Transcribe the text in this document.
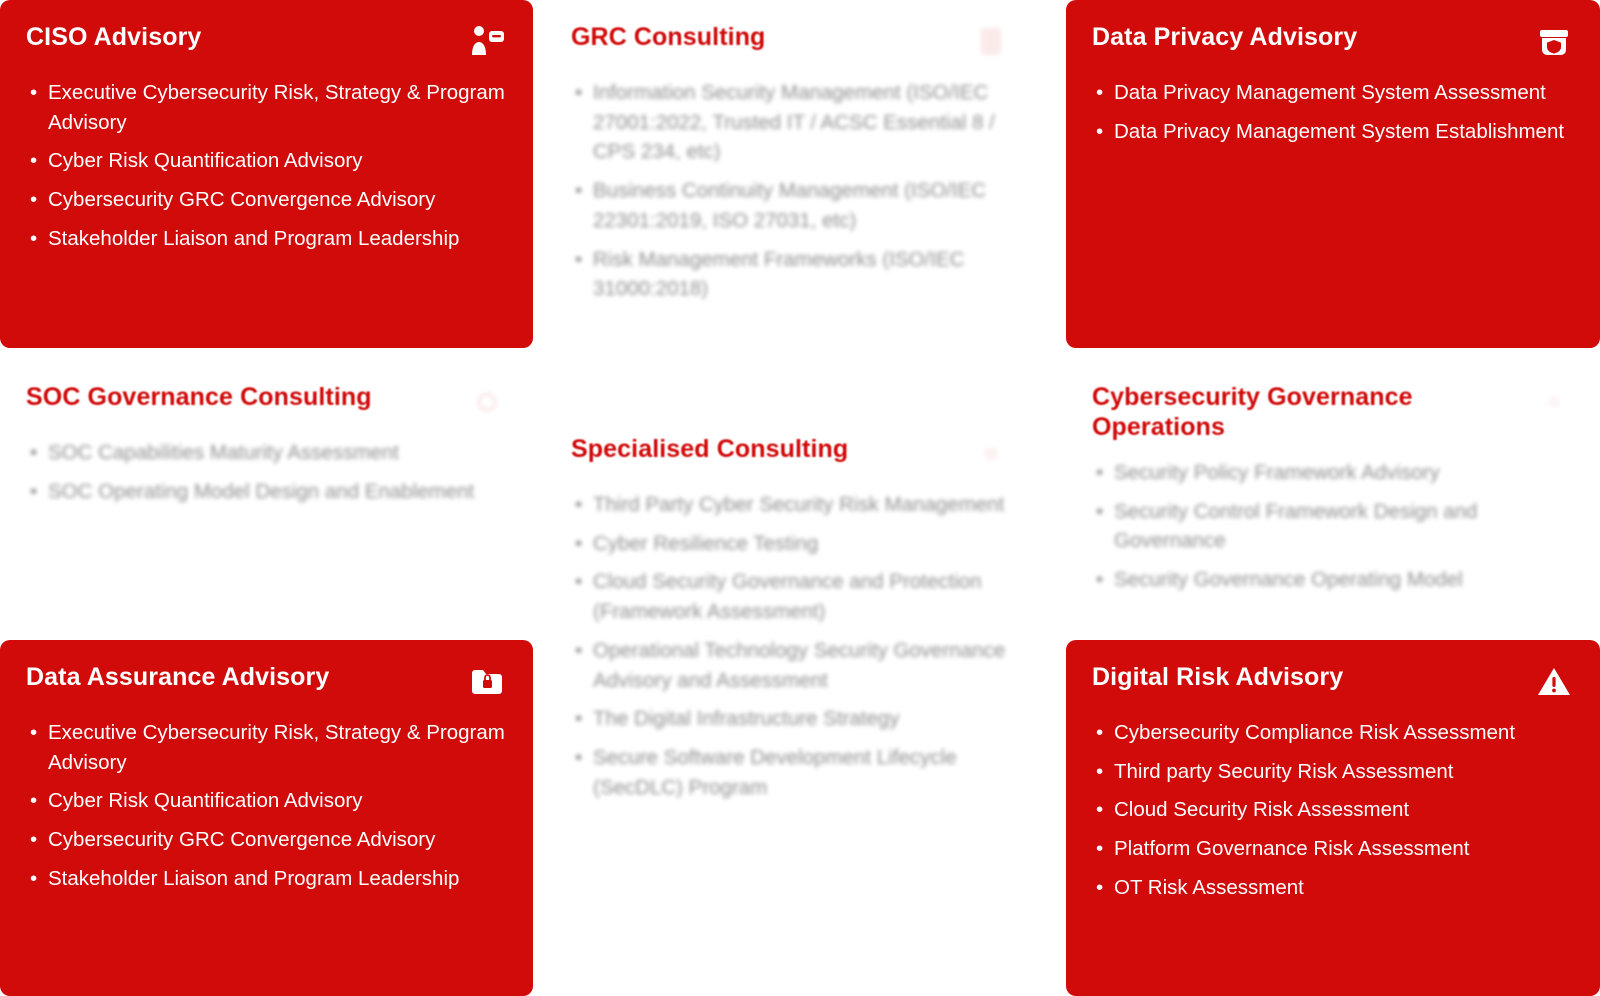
CISO Advisory
• Executive Cybersecurity Risk, Strategy & Program Advisory
• Cyber Risk Quantification Advisory
• Cybersecurity GRC Convergence Advisory
• Stakeholder Liaison and Program Leadership
GRC Consulting
• Information Security Management (ISO/IEC 27001:2022, Trusted IT / ACSC Essential 8 / CPS 234, etc)
• Business Continuity Management (ISO/IEC 22301:2019, ISO 27031, etc)
• Risk Management Frameworks (ISO/IEC 31000:2018)
Data Privacy Advisory
• Data Privacy Management System Assessment
• Data Privacy Management System Establishment
SOC Governance Consulting
• SOC Capabilities Maturity Assessment
• SOC Operating Model Design and Enablement
Specialised Consulting
• Third Party Cyber Security Risk Management
• Cyber Resilience Testing
• Cloud Security Governance and Protection (Framework Assessment)
• Operational Technology Security Governance Advisory and Assessment
• The Digital Infrastructure Strategy
• Secure Software Development Lifecycle (SecDLC) Program
Cybersecurity Governance Operations
• Security Policy Framework Advisory
• Security Control Framework Design and Governance
• Security Governance Operating Model
Data Assurance Advisory
• Executive Cybersecurity Risk, Strategy & Program Advisory
• Cyber Risk Quantification Advisory
• Cybersecurity GRC Convergence Advisory
• Stakeholder Liaison and Program Leadership
Digital Risk Advisory
• Cybersecurity Compliance Risk Assessment
• Third party Security Risk Assessment
• Cloud Security Risk Assessment
• Platform Governance Risk Assessment
• OT Risk Assessment
